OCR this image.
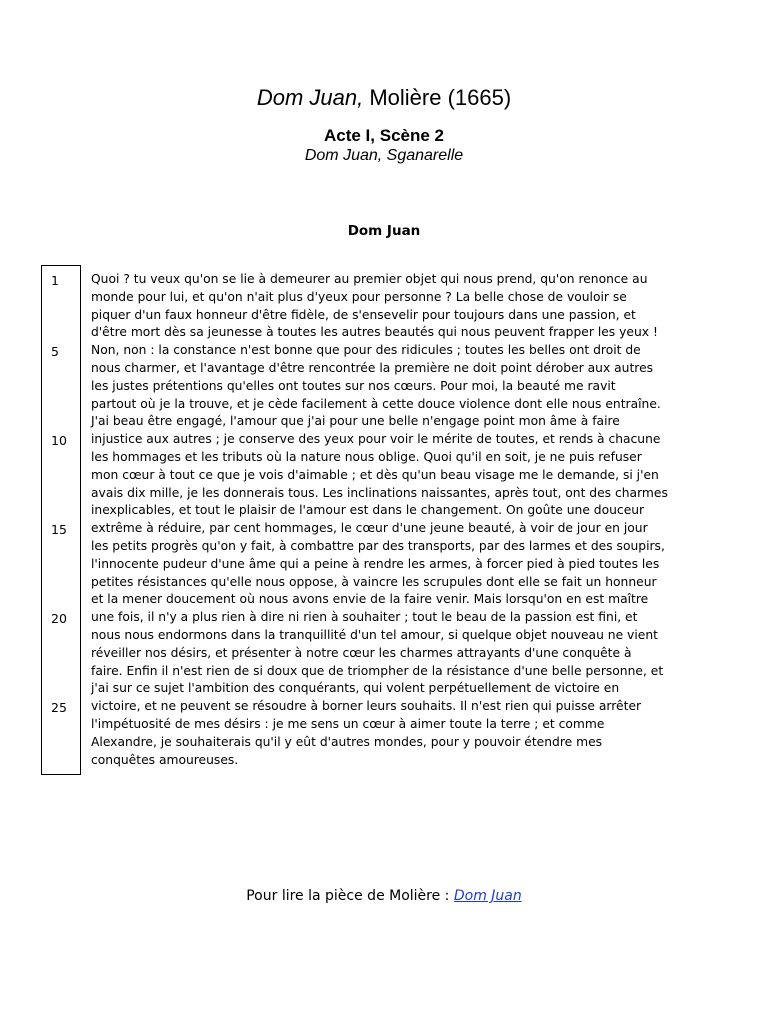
Dom Juan, Molière (1665)
Acte I, Scène 2
Dom Juan, Sganarelle
Dom Juan
1
5
10
15
20
25
Quoi ? tu veux qu'on se lie à demeurer au premier objet qui nous prend, qu'on renonce au
monde pour lui, et qu'on n'ait plus d'yeux pour personne ? La belle chose de vouloir se
piquer d'un faux honneur d'être fidèle, de s'ensevelir pour toujours dans une passion, et
d'être mort dès sa jeunesse à toutes les autres beautés qui nous peuvent frapper les yeux !
Non, non : la constance n'est bonne que pour des ridicules ; toutes les belles ont droit de
nous charmer, et l'avantage d'être rencontrée la première ne doit point dérober aux autres
les justes prétentions qu'elles ont toutes sur nos cœurs. Pour moi, la beauté me ravit
partout où je la trouve, et je cède facilement à cette douce violence dont elle nous entraîne.
J'ai beau être engagé, l'amour que j'ai pour une belle n'engage point mon âme à faire
injustice aux autres ; je conserve des yeux pour voir le mérite de toutes, et rends à chacune
les hommages et les tributs où la nature nous oblige. Quoi qu'il en soit, je ne puis refuser
mon cœur à tout ce que je vois d'aimable ; et dès qu'un beau visage me le demande, si j'en
avais dix mille, je les donnerais tous. Les inclinations naissantes, après tout, ont des charmes
inexplicables, et tout le plaisir de l'amour est dans le changement. On goûte une douceur
extrême à réduire, par cent hommages, le cœur d'une jeune beauté, à voir de jour en jour
les petits progrès qu'on y fait, à combattre par des transports, par des larmes et des soupirs,
l'innocente pudeur d'une âme qui a peine à rendre les armes, à forcer pied à pied toutes les
petites résistances qu'elle nous oppose, à vaincre les scrupules dont elle se fait un honneur
et la mener doucement où nous avons envie de la faire venir. Mais lorsqu'on en est maître
une fois, il n'y a plus rien à dire ni rien à souhaiter ; tout le beau de la passion est fini, et
nous nous endormons dans la tranquillité d'un tel amour, si quelque objet nouveau ne vient
réveiller nos désirs, et présenter à notre cœur les charmes attrayants d'une conquête à
faire. Enfin il n'est rien de si doux que de triompher de la résistance d'une belle personne, et
j'ai sur ce sujet l'ambition des conquérants, qui volent perpétuellement de victoire en
victoire, et ne peuvent se résoudre à borner leurs souhaits. Il n'est rien qui puisse arrêter
l'impétuosité de mes désirs : je me sens un cœur à aimer toute la terre ; et comme
Alexandre, je souhaiterais qu'il y eût d'autres mondes, pour y pouvoir étendre mes
conquêtes amoureuses.
Pour lire la pièce de Molière : Dom Juan
